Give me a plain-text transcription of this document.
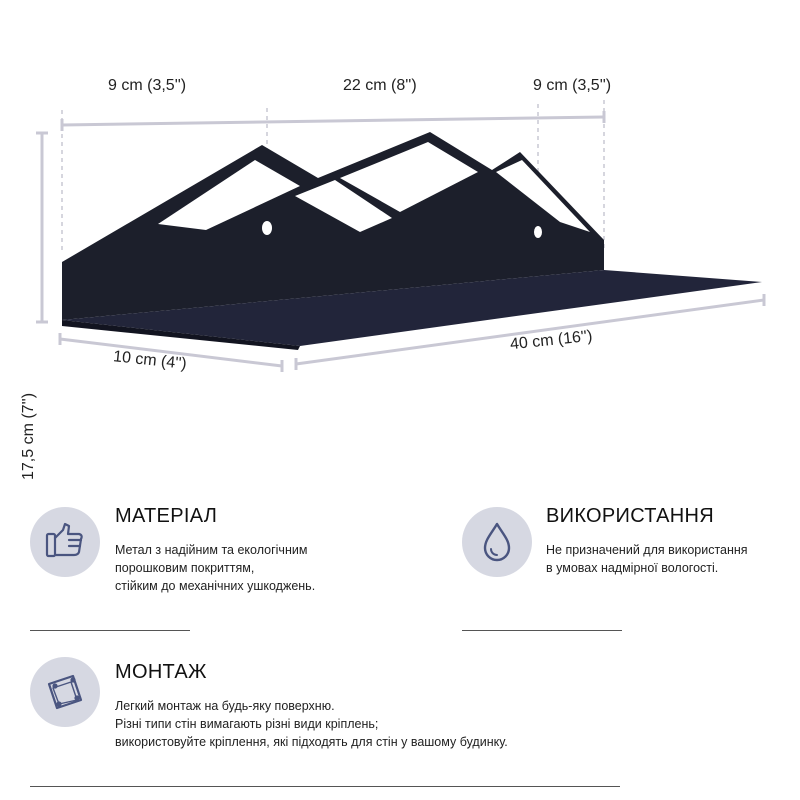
9 cm (3,5'')	22 cm (8'')	9 cm (3,5'')
17,5 cm (7'')
10 cm (4'')
40 cm (16'')
МАТЕРІАЛ
Метал з надійним та екологічним
порошковим покриттям,
стійким до механічних ушкоджень.
ВИКОРИСТАННЯ
Не призначений для використання
в умовах надмірної вологості.
МОНТАЖ
Легкий монтаж на будь-яку поверхню.
Різні типи стін вимагають різні види кріплень;
використовуйте кріплення, які підходять для стін у вашому будинку.
